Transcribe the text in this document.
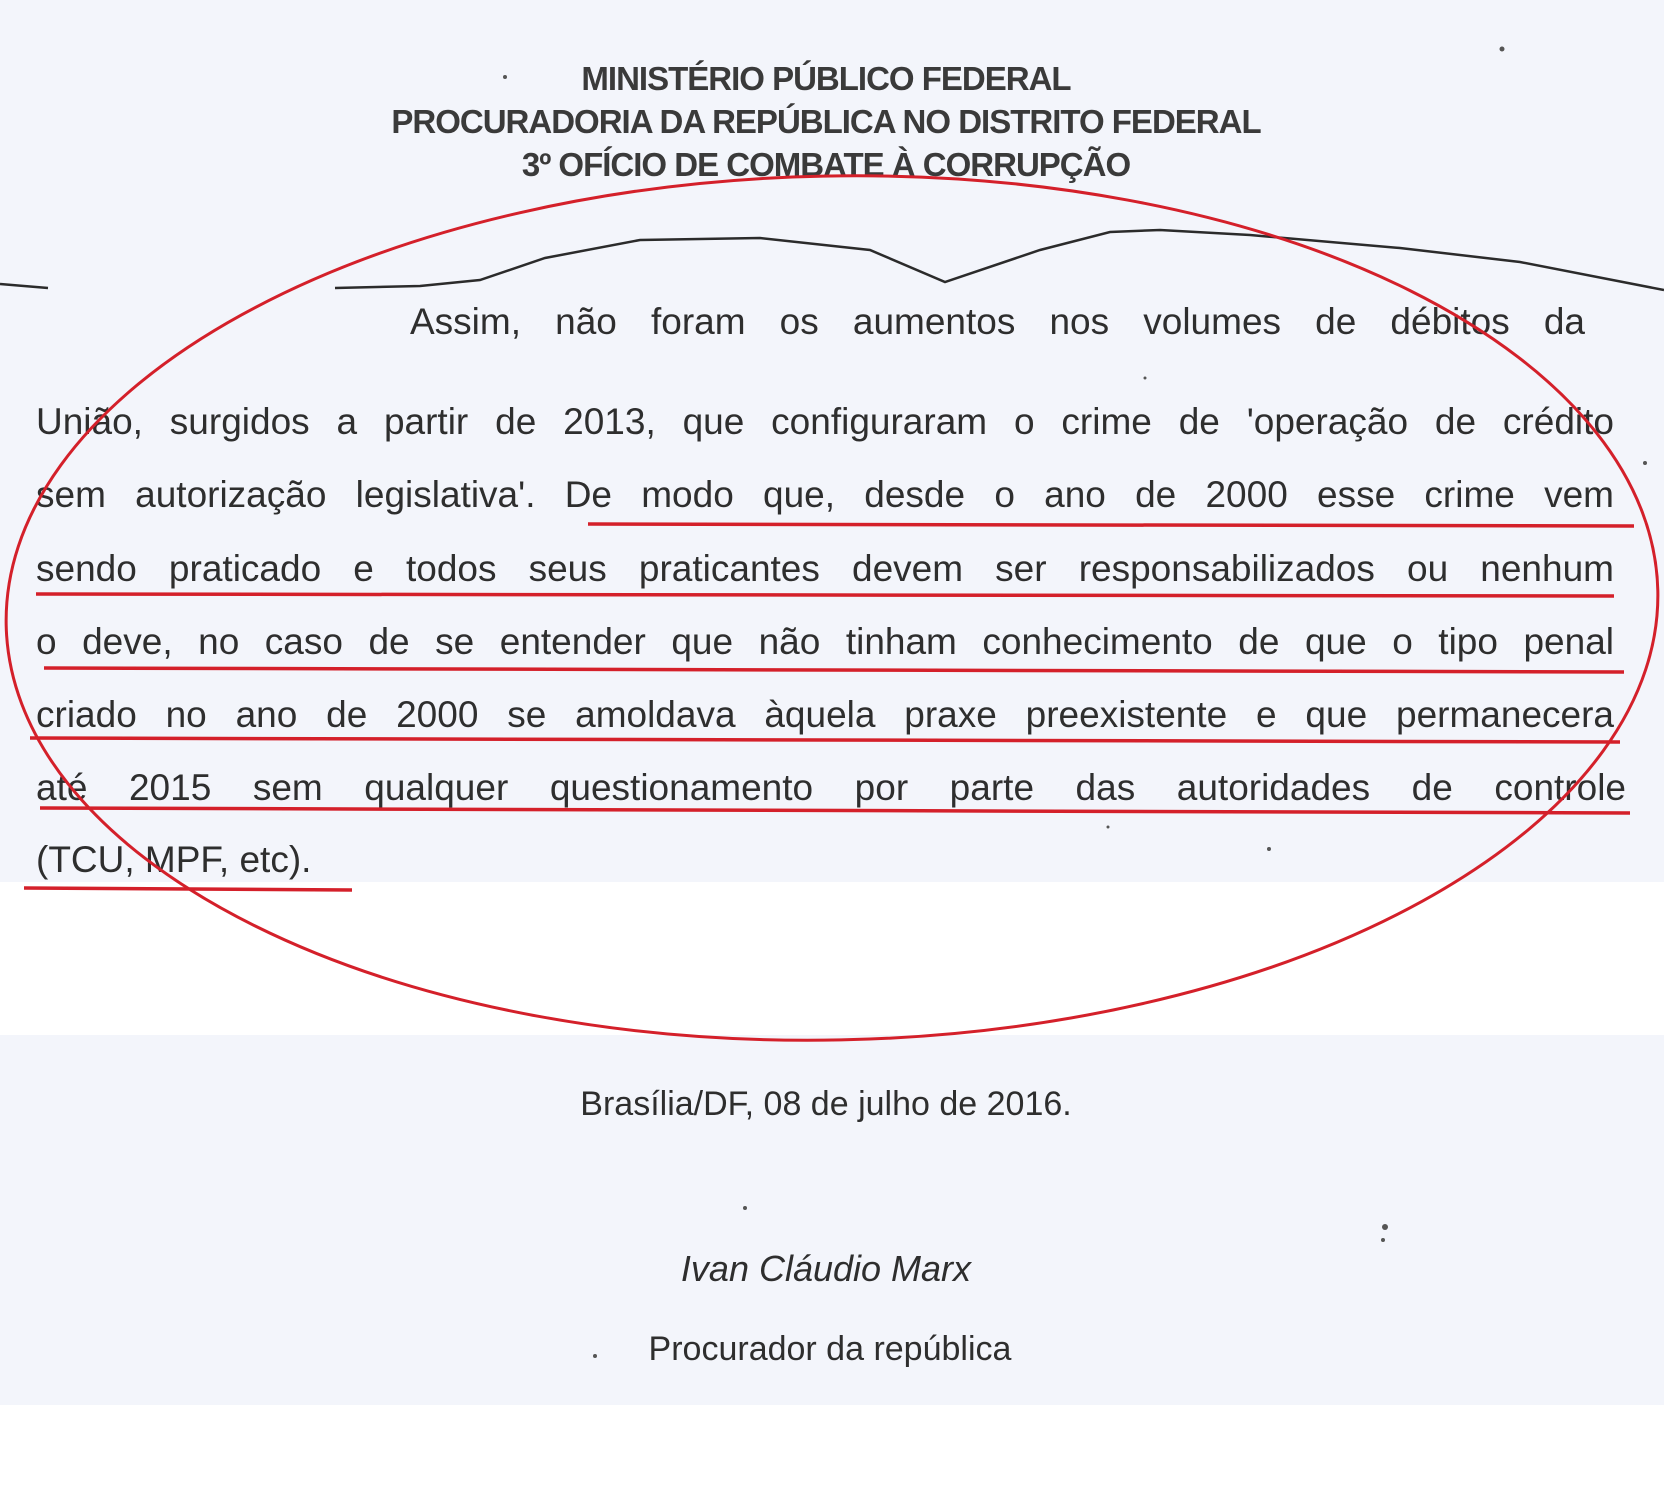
MINISTÉRIO PÚBLICO FEDERAL
PROCURADORIA DA REPÚBLICA NO DISTRITO FEDERAL
3º OFÍCIO DE COMBATE À CORRUPÇÃO
Assim, não foram os aumentos nos volumes de débitos da
União, surgidos a partir de 2013, que configuraram o crime de 'operação de crédito
sem autorização legislativa'. De modo que, desde o ano de 2000 esse crime vem
sendo praticado e todos seus praticantes devem ser responsabilizados ou nenhum
o deve, no caso de se entender que não tinham conhecimento de que o tipo penal
criado no ano de 2000 se amoldava àquela praxe preexistente e que permanecera
até 2015 sem qualquer questionamento por parte das autoridades de controle
(TCU, MPF, etc).
Brasília/DF, 08 de julho de 2016.
Ivan Cláudio Marx
Procurador da república
